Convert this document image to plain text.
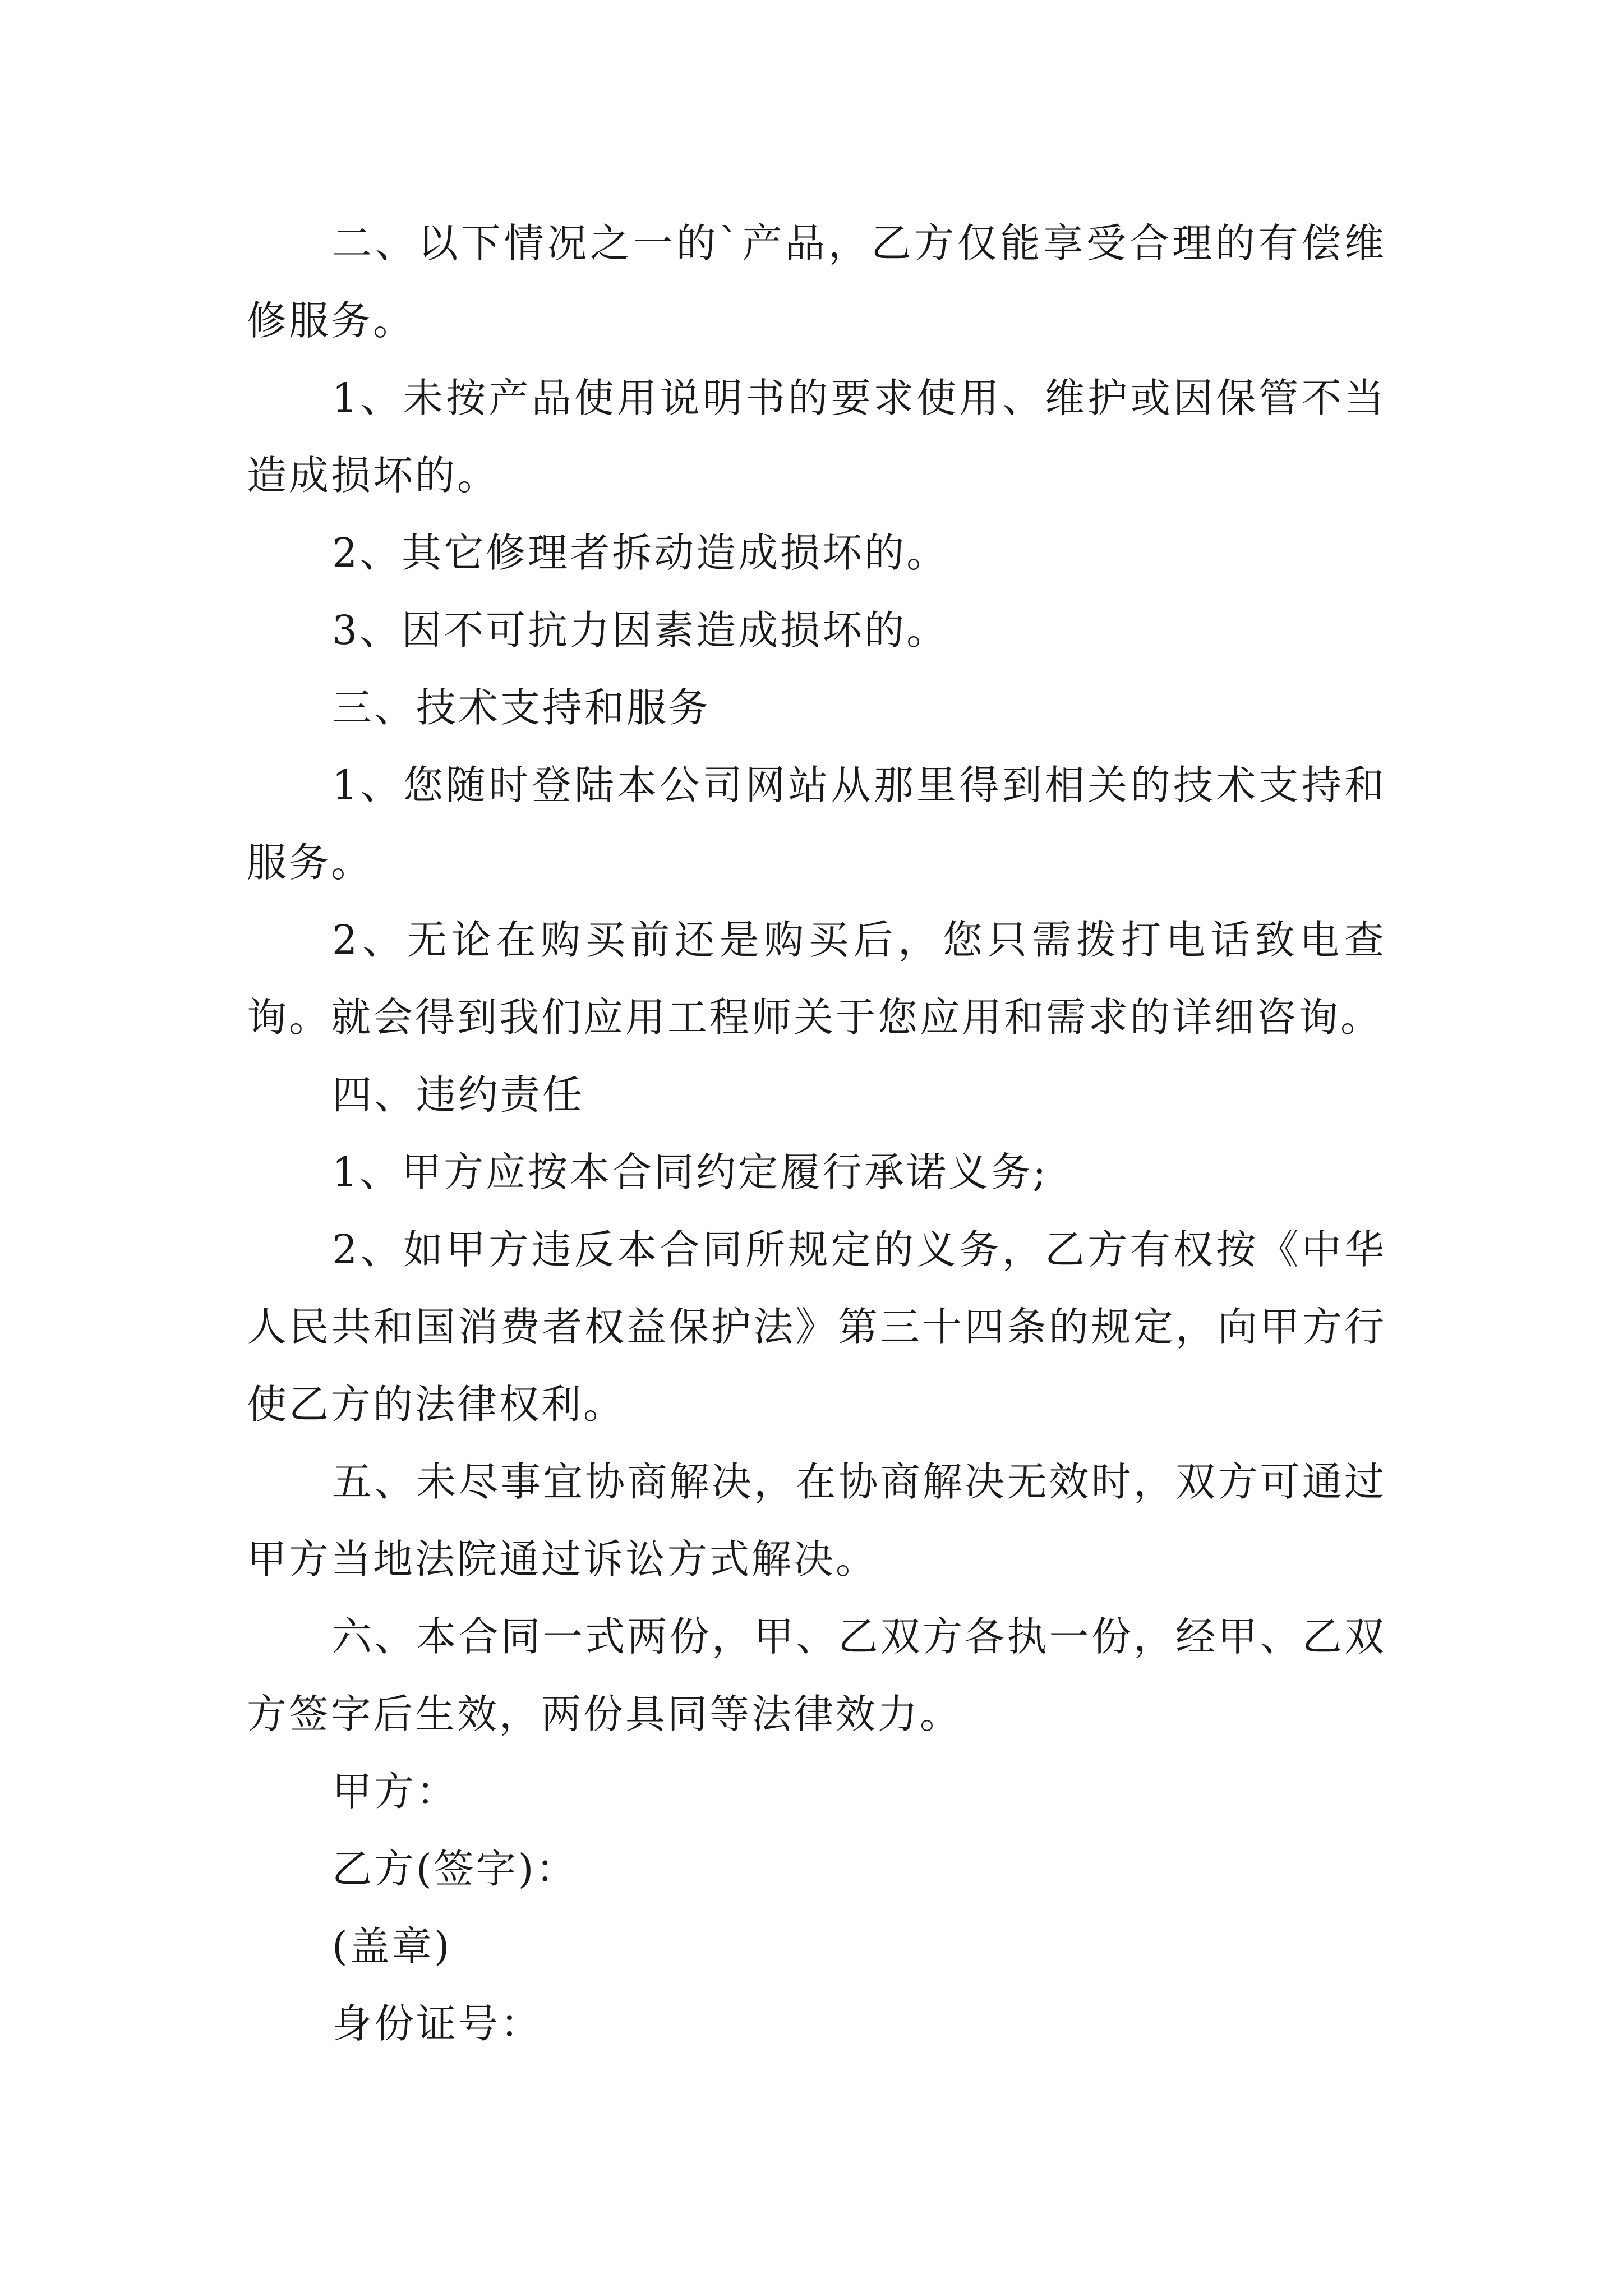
二、以下情况之一的`产品，乙方仅能享受合理的有偿维修服务。

1、未按产品使用说明书的要求使用、维护或因保管不当造成损坏的。

2、其它修理者拆动造成损坏的。

3、因不可抗力因素造成损坏的。

三、技术支持和服务

1、您随时登陆本公司网站从那里得到相关的技术支持和服务。

2、无论在购买前还是购买后，您只需拨打电话致电查询。就会得到我们应用工程师关于您应用和需求的详细咨询。

四、违约责任

1、甲方应按本合同约定履行承诺义务;

2、如甲方违反本合同所规定的义务，乙方有权按《中华人民共和国消费者权益保护法》第三十四条的规定，向甲方行使乙方的法律权利。

五、未尽事宜协商解决，在协商解决无效时，双方可通过甲方当地法院通过诉讼方式解决。

六、本合同一式两份，甲、乙双方各执一份，经甲、乙双方签字后生效，两份具同等法律效力。

甲方：

乙方(签字)：

(盖章)

身份证号：
